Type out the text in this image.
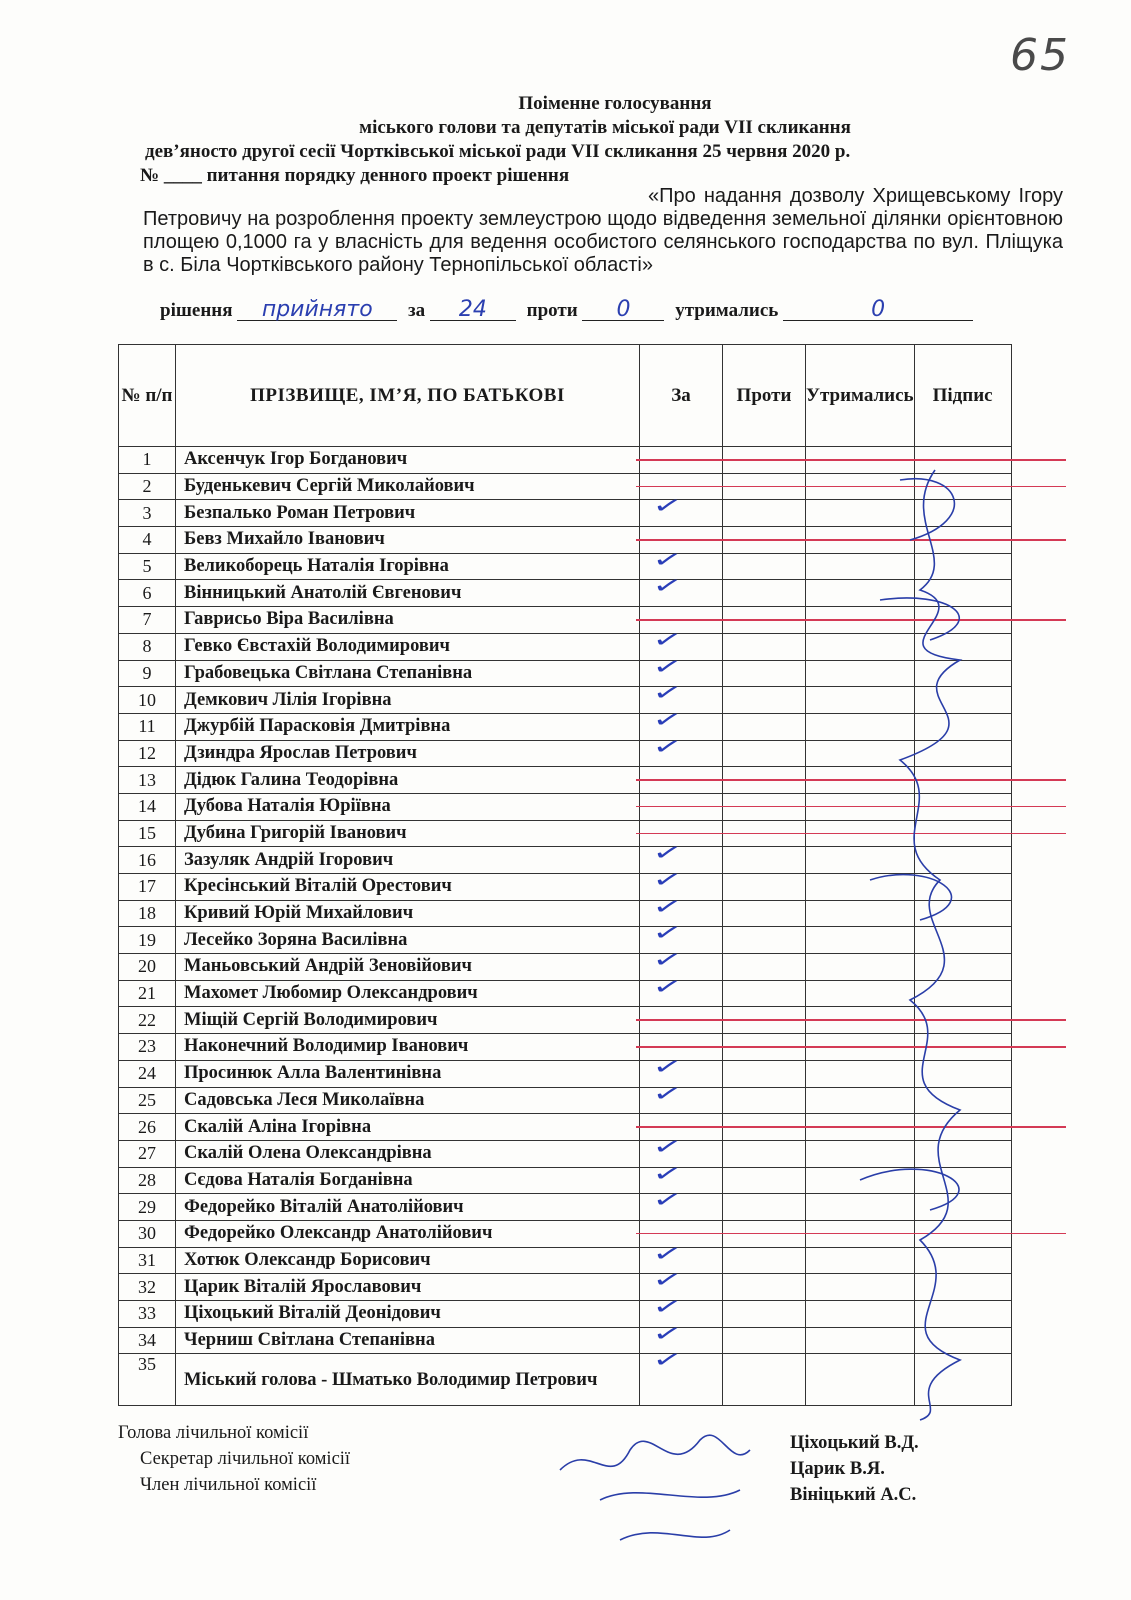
65
Поіменне голосування
міського голови та депутатів міської ради VII скликання
дев’яносто другої сесії Чортківської міської ради VII скликання 25 червня 2020 р.
№ ____ питання порядку денного проект рішення
«Про надання дозволу Хрищевському Ігору Петровичу на розроблення проекту землеустрою щодо відведення земельної ділянки орієнтовною площею 0,1000 га у власність для ведення особистого селянського господарства по вул. Пліщука в с. Біла Чортківського району Тернопільської області»
рішення прийнято за 24 проти 0 утримались	0
№ п/п	ПРІЗВИЩЕ, ІМ’Я, ПО БАТЬКОВІ	За	Проти	Утримались	Підпис
1	Аксенчук Ігор Богданович	

2	Буденькевич Сергій Миколайович	

3	Безпалько Роман Петрович	✓			

4	Бевз Михайло Іванович	

5	Великоборець Наталія Ігорівна	✓			

6	Вінницький Анатолій Євгенович	✓			

7	Гаврисьо Віра Василівна	

8	Гевко Євстахій Володимирович	✓			

9	Грабовецька Світлана Степанівна	✓			

10	Демкович Лілія Ігорівна	✓			

11	Джурбій Парасковія Дмитрівна	✓			

12	Дзиндра Ярослав Петрович	✓			

13	Дідюк Галина Теодорівна	

14	Дубова Наталія Юріївна	

15	Дубина Григорій Іванович	

16	Зазуляк Андрій Ігорович	✓			

17	Кресінський Віталій Орестович	✓			

18	Кривий Юрій Михайлович	✓			

19	Лесейко Зоряна Василівна	✓			

20	Маньовський Андрій Зеновійович	✓			

21	Махомет Любомир Олександрович	✓			

22	Міщій Сергій Володимирович	

23	Наконечний Володимир Іванович	

24	Просинюк Алла Валентинівна	✓			

25	Садовська Леся Миколаївна	✓			

26	Скалій Аліна Ігорівна	

27	Скалій Олена Олександрівна	✓			

28	Сєдова Наталія Богданівна	✓			

29	Федорейко Віталій Анатолійович	✓			

30	Федорейко Олександр Анатолійович	

31	Хотюк Олександр Борисович	✓			

32	Царик Віталій Ярославович	✓			

33	Ціхоцький Віталій Деонідович	✓			

34	Черниш Світлана Степанівна	✓			

35	Міський голова - Шматько Володимир Петрович	✓			

Голова лічильної комісії
Секретар лічильної комісії
Член лічильної комісії
Ціхоцький В.Д.
Царик В.Я.
Вініцький А.С.
